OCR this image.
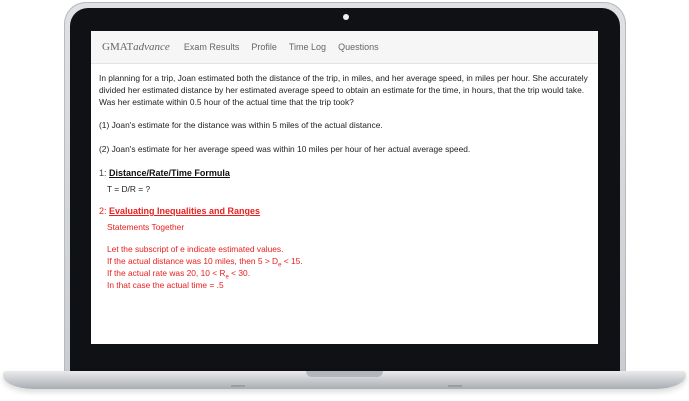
GMATadvance Exam Results Profile Time Log Questions

In planning for a trip, Joan estimated both the distance of the trip, in miles, and her average speed, in miles per hour. She accurately divided her estimated distance by her estimated average speed to obtain an estimate for the time, in hours, that the trip would take. Was her estimate within 0.5 hour of the actual time that the trip took?

(1) Joan's estimate for the distance was within 5 miles of the actual distance.

(2) Joan's estimate for her average speed was within 10 miles per hour of her actual average speed.

1: Distance/Rate/Time Formula
T = D/R = ?
2: Evaluating Inequalities and Ranges
Statements Together
Let the subscript of e indicate estimated values.
If the actual distance was 10 miles, then $5 > D_e < 15$.
If the actual rate was 20, $10 < R_e < 30$.
In that case the actual time = .5
